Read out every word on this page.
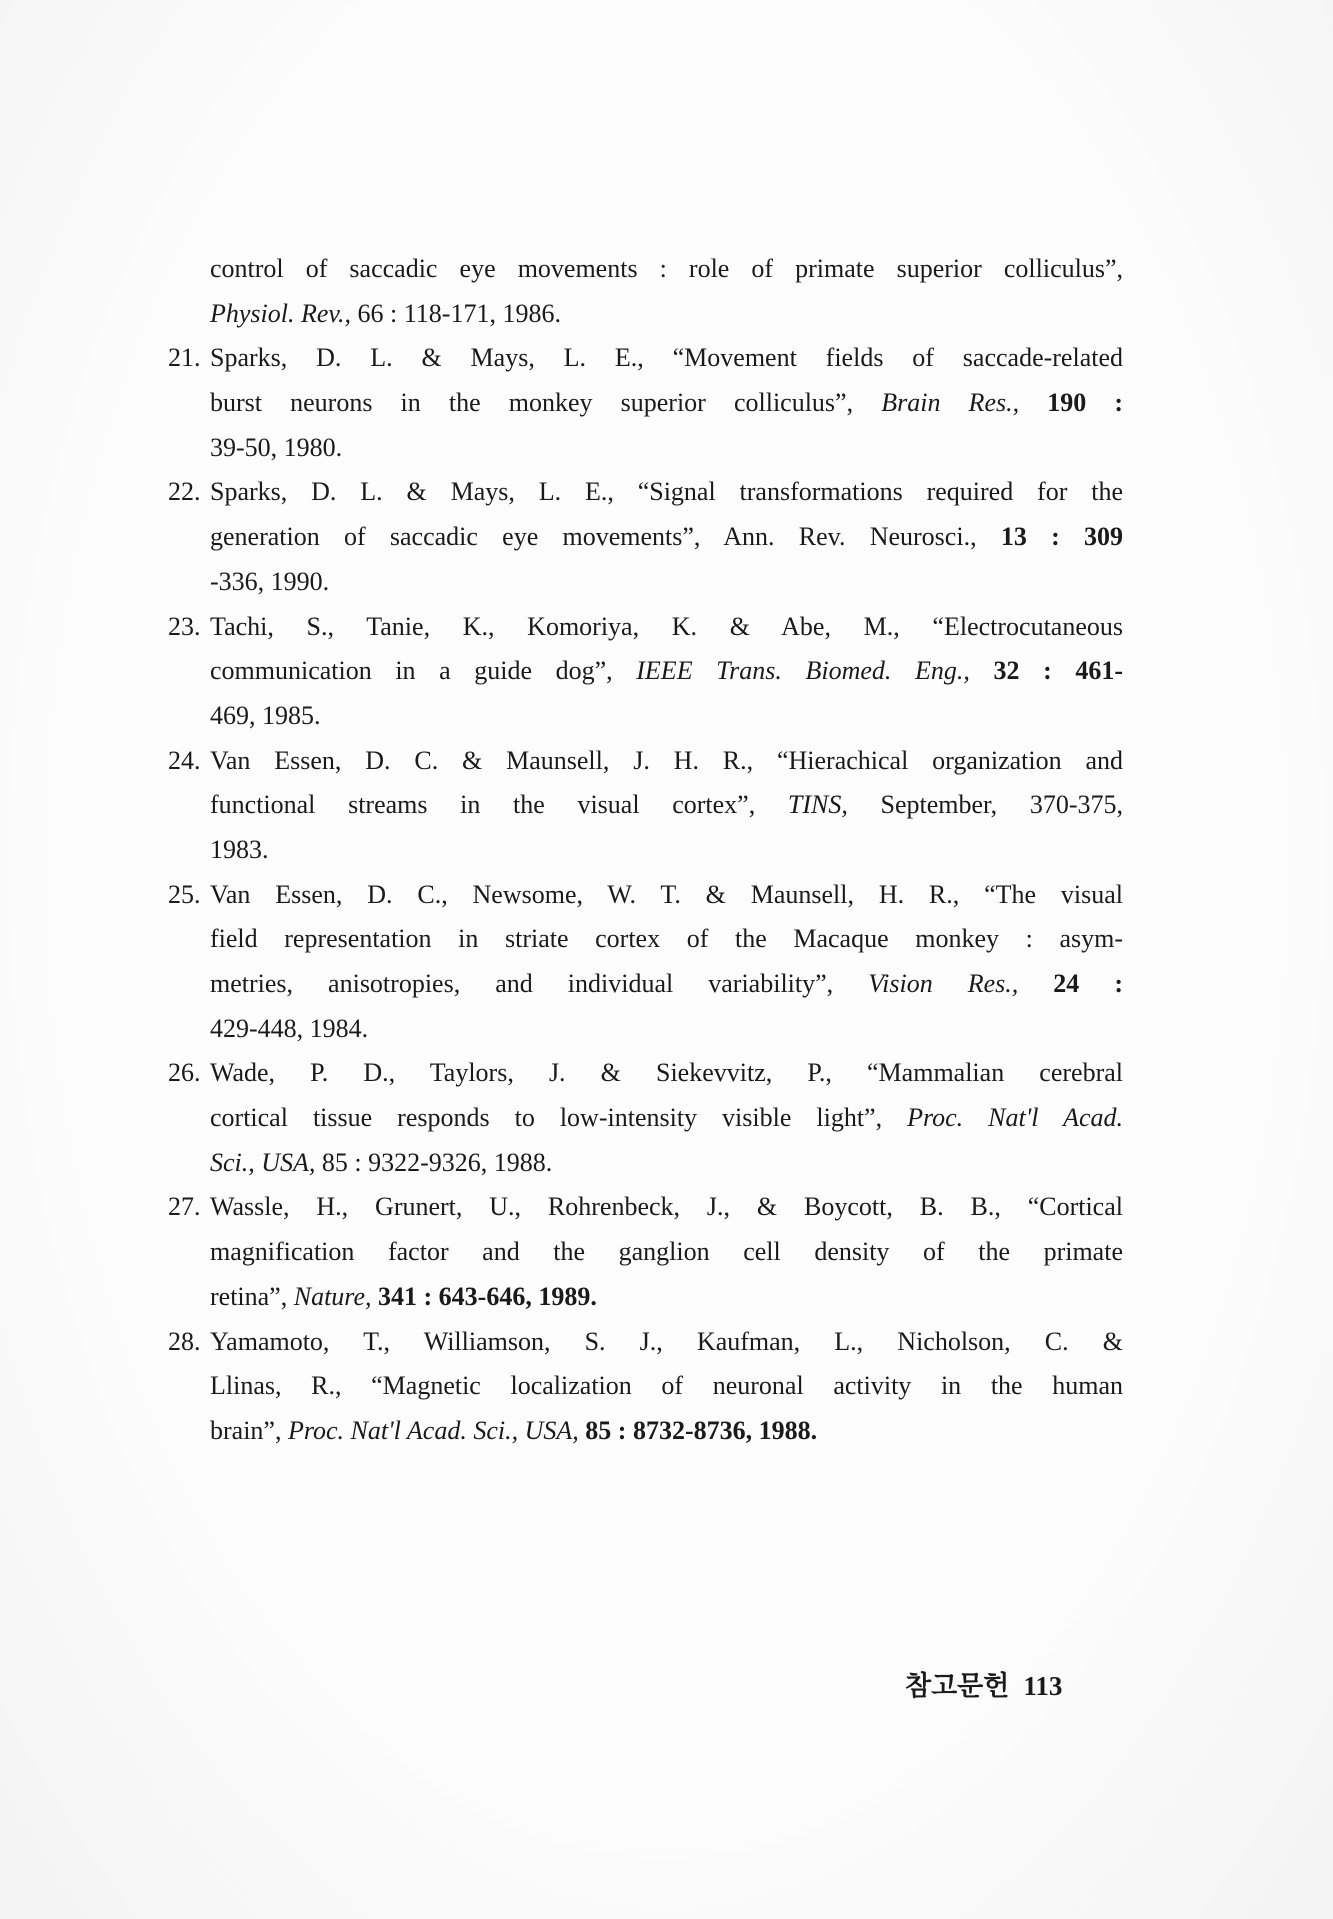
control of saccadic eye movements : role of primate superior colliculus”,
Physiol. Rev., 66 : 118-171, 1986.
21. Sparks, D. L. & Mays, L. E., “Movement fields of saccade-related
burst neurons in the monkey superior colliculus”, Brain Res., 190 :
39-50, 1980.
22. Sparks, D. L. & Mays, L. E., “Signal transformations required for the
generation of saccadic eye movements”, Ann. Rev. Neurosci., 13 : 309
-336, 1990.
23. Tachi, S., Tanie, K., Komoriya, K. & Abe, M., “Electrocutaneous
communication in a guide dog”, IEEE Trans. Biomed. Eng., 32 : 461-
469, 1985.
24. Van Essen, D. C. & Maunsell, J. H. R., “Hierachical organization and
functional streams in the visual cortex”, TINS, September, 370-375,
1983.
25. Van Essen, D. C., Newsome, W. T. & Maunsell, H. R., “The visual
field representation in striate cortex of the Macaque monkey : asym-
metries, anisotropies, and individual variability”, Vision Res., 24 :
429-448, 1984.
26. Wade, P. D., Taylors, J. & Siekevvitz, P., “Mammalian cerebral
cortical tissue responds to low-intensity visible light”, Proc. Nat'l Acad.
Sci., USA, 85 : 9322-9326, 1988.
27. Wassle, H., Grunert, U., Rohrenbeck, J., & Boycott, B. B., “Cortical
magnification factor and the ganglion cell density of the primate
retina”, Nature, 341 : 643-646, 1989.
28. Yamamoto, T., Williamson, S. J., Kaufman, L., Nicholson, C. &
Llinas, R., “Magnetic localization of neuronal activity in the human
brain”, Proc. Nat'l Acad. Sci., USA, 85 : 8732-8736, 1988.
참고문헌 113
